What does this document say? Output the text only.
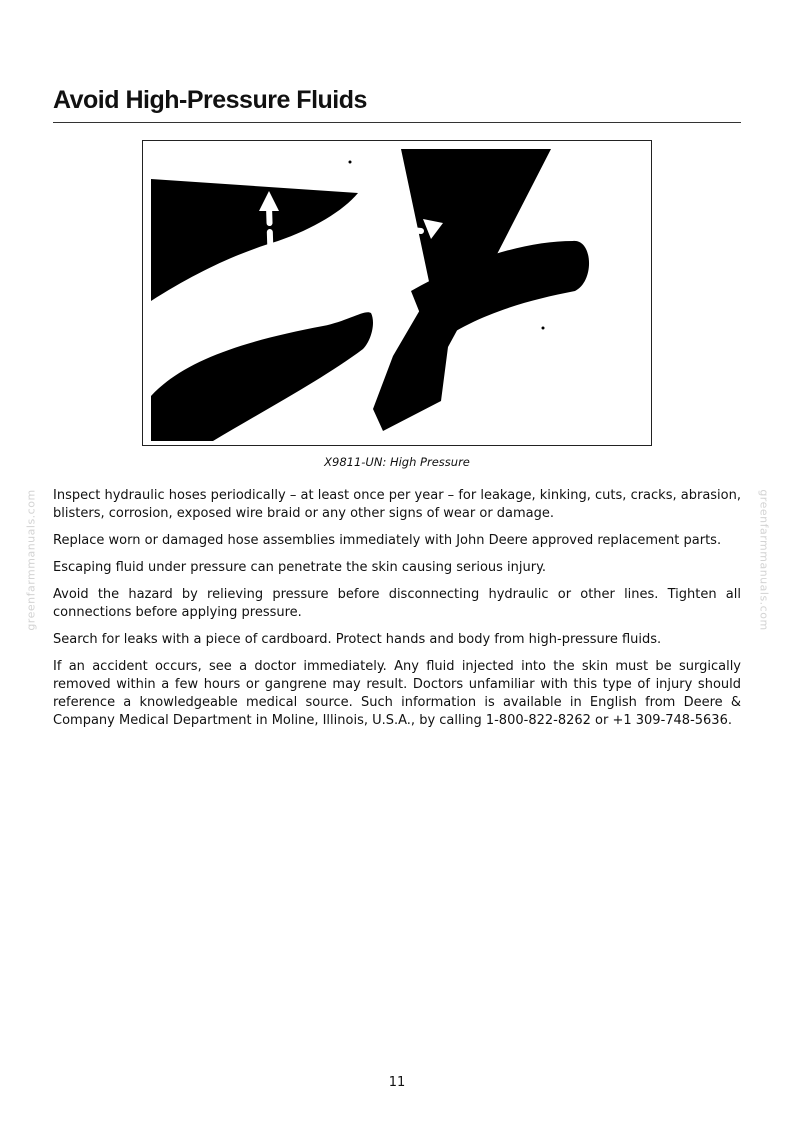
Avoid High-Pressure Fluids
X9811-UN: High Pressure

Inspect hydraulic hoses periodically – at least once per year – for leakage, kinking, cuts, cracks, abrasion, blisters, corrosion, exposed wire braid or any other signs of wear or damage.

Replace worn or damaged hose assemblies immediately with John Deere approved replacement parts.

Escaping fluid under pressure can penetrate the skin causing serious injury.

Avoid the hazard by relieving pressure before disconnecting hydraulic or other lines. Tighten all connections before applying pressure.

Search for leaks with a piece of cardboard. Protect hands and body from high-pressure fluids.

If an accident occurs, see a doctor immediately. Any fluid injected into the skin must be surgically removed within a few hours or gangrene may result. Doctors unfamiliar with this type of injury should reference a knowledgeable medical source. Such information is available in English from Deere & Company Medical Department in Moline, Illinois, U.S.A., by calling 1-800-822-8262 or +1 309-748-5636.

greenfarmmanuals.com	greenfarmmanuals.com
11
